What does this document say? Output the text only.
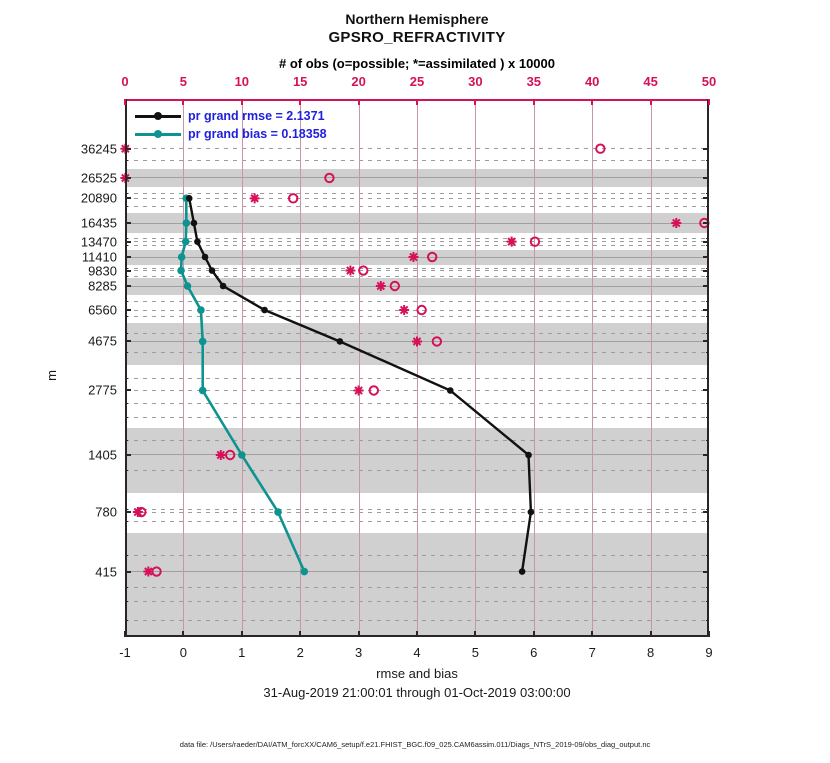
Northern Hemisphere
GPSRO_REFRACTIVITY
# of obs (o=possible; *=assimilated ) x 10000
0	5	10	15	20	25	30	35	40	45	50
pr grand rmse = 2.1371
pr grand bias = 0.18358
36245
26525
20890
16435
13470
11410
9830
8285
6560
4675
2775
1405
780
415
-1	0	1	2	3	4	5	6	7	8	9
m
rmse and bias
31-Aug-2019 21:00:01 through 01-Oct-2019 03:00:00
data file: /Users/raeder/DAI/ATM_forcXX/CAM6_setup/f.e21.FHIST_BGC.f09_025.CAM6assim.011/Diags_NTrS_2019-09/obs_diag_output.nc
